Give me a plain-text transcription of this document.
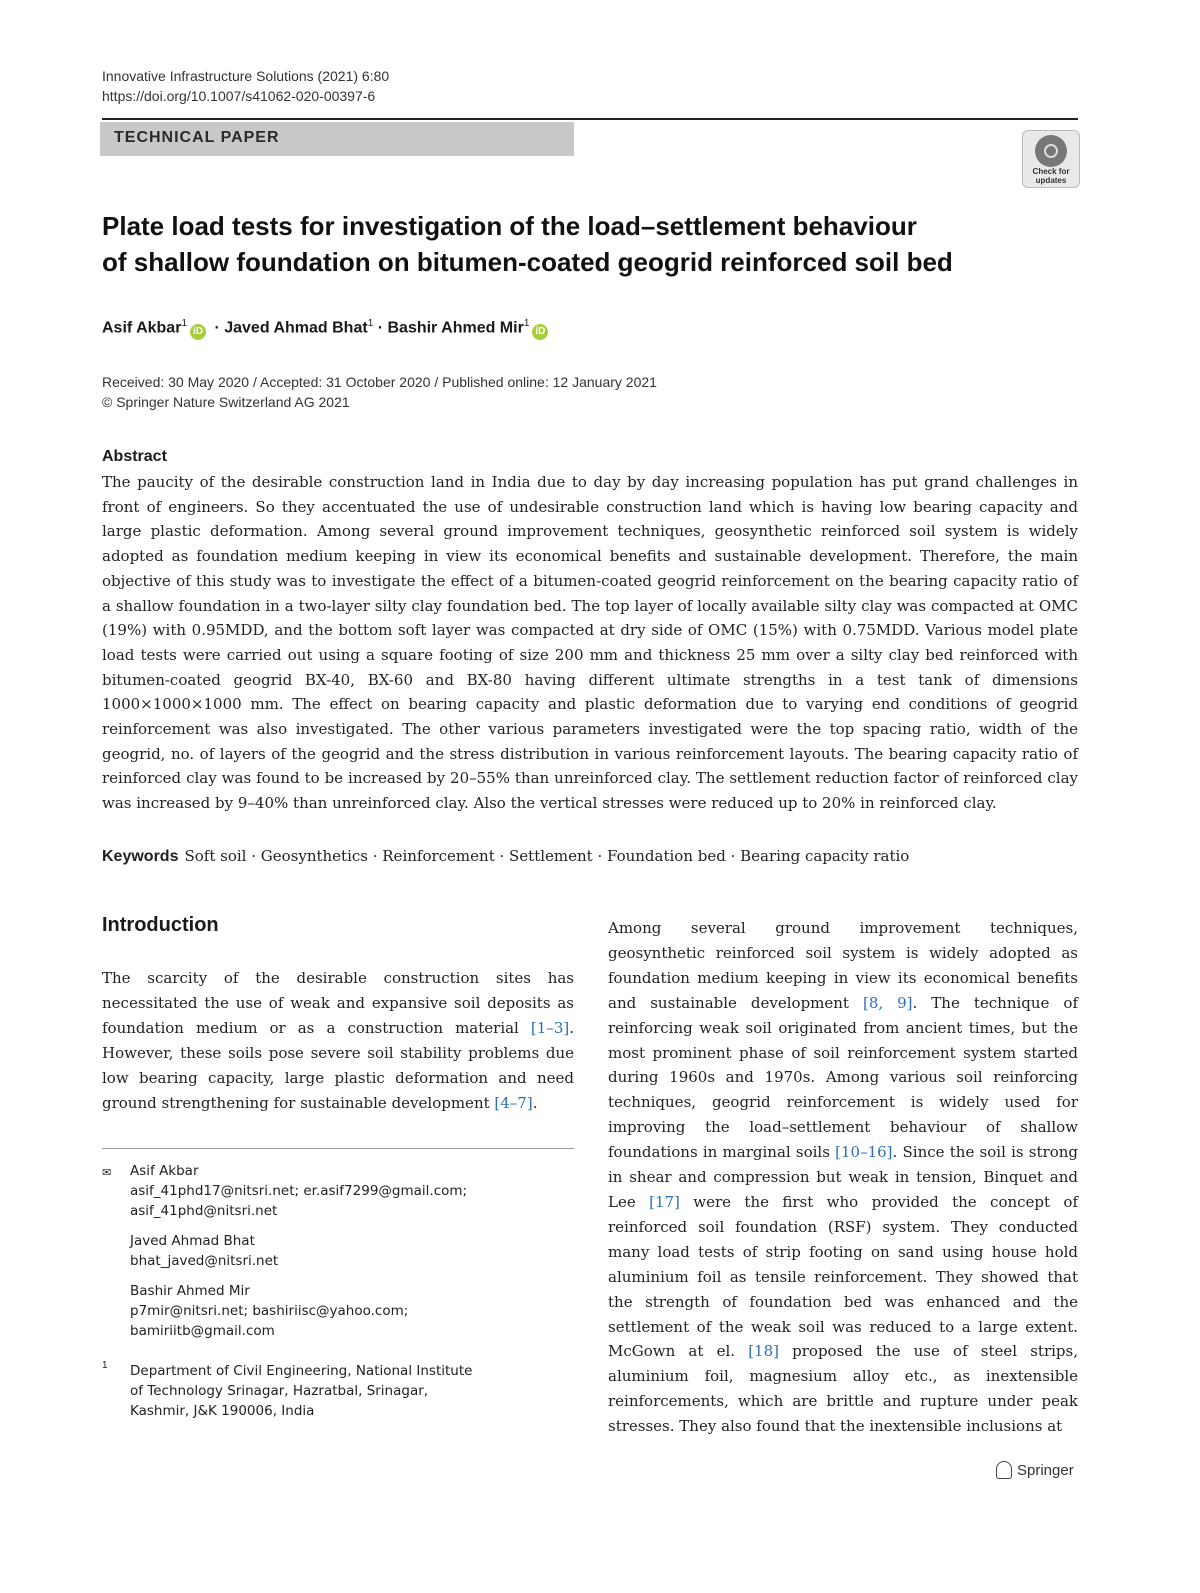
Innovative Infrastructure Solutions (2021) 6:80
https://doi.org/10.1007/s41062-020-00397-6
TECHNICAL PAPER
Check for
updates
Plate load tests for investigation of the load–settlement behaviour
of shallow foundation on bitumen-coated geogrid reinforced soil bed
Asif Akbar$^1$iD · Javed Ahmad Bhat$^1$ · Bashir Ahmed Mir$^1$iD
Received: 30 May 2020 / Accepted: 31 October 2020 / Published online: 12 January 2021
© Springer Nature Switzerland AG 2021
Abstract
The paucity of the desirable construction land in India due to day by day increasing population has put grand challenges in front of engineers. So they accentuated the use of undesirable construction land which is having low bearing capacity and large plastic deformation. Among several ground improvement techniques, geosynthetic reinforced soil system is widely adopted as foundation medium keeping in view its economical benefits and sustainable development. Therefore, the main objective of this study was to investigate the effect of a bitumen-coated geogrid reinforcement on the bearing capacity ratio of a shallow foundation in a two-layer silty clay foundation bed. The top layer of locally available silty clay was compacted at OMC (19%) with 0.95MDD, and the bottom soft layer was compacted at dry side of OMC (15%) with 0.75MDD. Various model plate load tests were carried out using a square footing of size 200 mm and thickness 25 mm over a silty clay bed reinforced with bitumen-coated geogrid BX-40, BX-60 and BX-80 having different ultimate strengths in a test tank of dimensions 1000×1000×1000 mm. The effect on bearing capacity and plastic deformation due to varying end conditions of geogrid reinforcement was also investigated. The other various parameters investigated were the top spacing ratio, width of the geogrid, no. of layers of the geogrid and the stress distribution in various reinforcement layouts. The bearing capacity ratio of reinforced clay was found to be increased by 20–55% than unreinforced clay. The settlement reduction factor of reinforced clay was increased by 9–40% than unreinforced clay. Also the vertical stresses were reduced up to 20% in reinforced clay.
Keywords Soft soil · Geosynthetics · Reinforcement · Settlement · Foundation bed · Bearing capacity ratio
Introduction
The scarcity of the desirable construction sites has necessitated the use of weak and expansive soil deposits as foundation medium or as a construction material [1–3]. However, these soils pose severe soil stability problems due low bearing capacity, large plastic deformation and need ground strengthening for sustainable development [4–7].
Among several ground improvement techniques, geosynthetic reinforced soil system is widely adopted as foundation medium keeping in view its economical benefits and sustainable development [8, 9]. The technique of reinforcing weak soil originated from ancient times, but the most prominent phase of soil reinforcement system started during 1960s and 1970s. Among various soil reinforcing techniques, geogrid reinforcement is widely used for improving the load–settlement behaviour of shallow foundations in marginal soils [10–16]. Since the soil is strong in shear and compression but weak in tension, Binquet and Lee [17] were the first who provided the concept of reinforced soil foundation (RSF) system. They conducted many load tests of strip footing on sand using house hold aluminium foil as tensile reinforcement. They showed that the strength of foundation bed was enhanced and the settlement of the weak soil was reduced to a large extent. McGown at el. [18] proposed the use of steel strips, aluminium foil, magnesium alloy etc., as inextensible reinforcements, which are brittle and rupture under peak stresses. They also found that the inextensible inclusions at
✉ Asif Akbar
asif_41phd17@nitsri.net; er.asif7299@gmail.com;
asif_41phd@nitsri.net
Javed Ahmad Bhat
bhat_javed@nitsri.net
Bashir Ahmed Mir
p7mir@nitsri.net; bashiriisc@yahoo.com;
bamiriitb@gmail.com
1 Department of Civil Engineering, National Institute
of Technology Srinagar, Hazratbal, Srinagar,
Kashmir, J&K 190006, India
Springer
